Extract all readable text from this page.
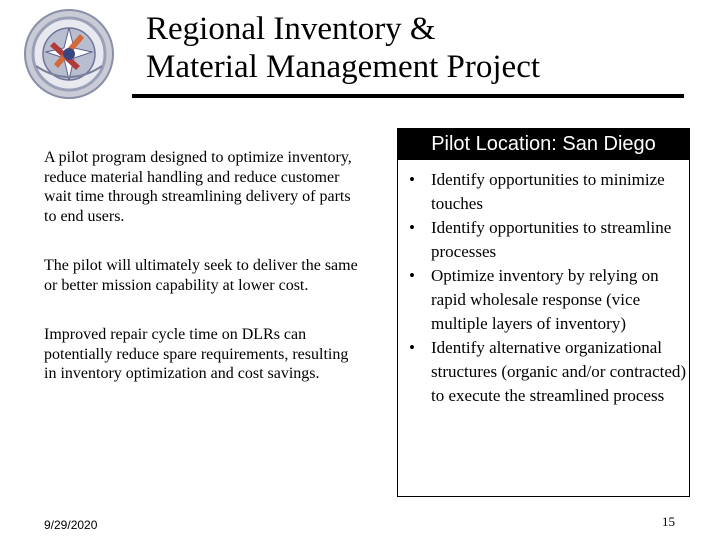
Regional Inventory &
Material Management Project

A pilot program designed to optimize inventory, reduce material handling and reduce customer wait time through streamlining delivery of parts to end users.

The pilot will ultimately seek to deliver the same or better mission capability at lower cost.

Improved repair cycle time on DLRs can potentially reduce spare requirements, resulting in inventory optimization and cost savings.

Pilot Location: San Diego
• Identify opportunities to minimize touches
• Identify opportunities to streamline processes
• Optimize inventory by relying on rapid wholesale response (vice multiple layers of inventory)
• Identify alternative organizational structures (organic and/or contracted) to execute the streamlined process
9/29/2020	15
